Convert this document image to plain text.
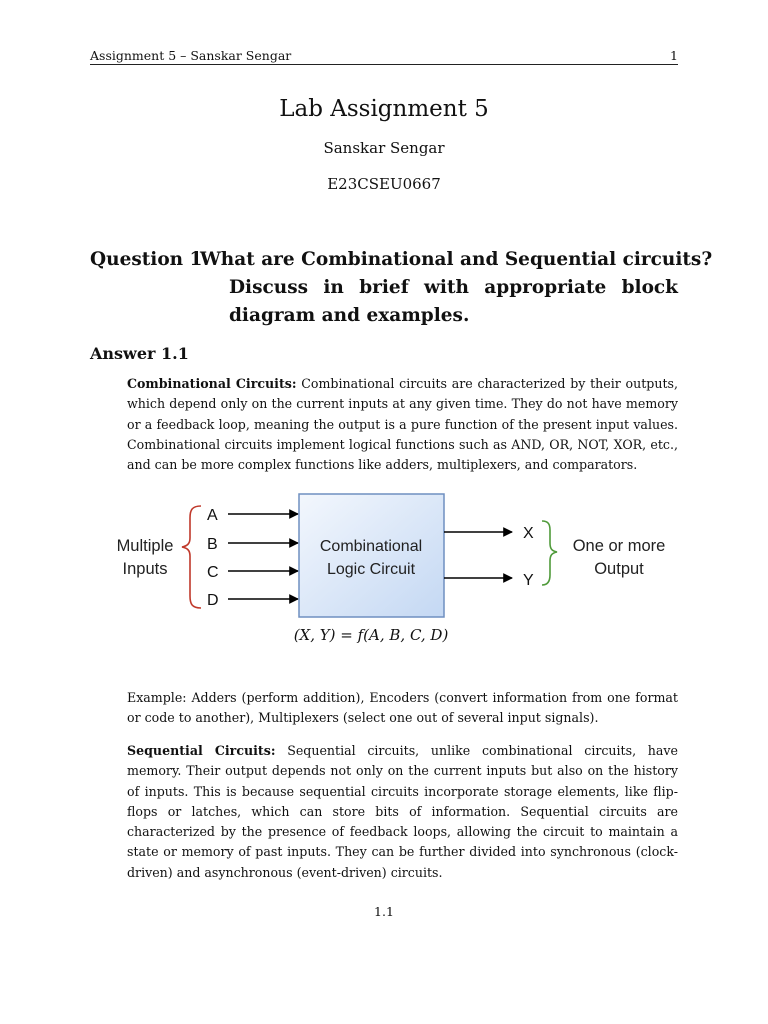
Assignment 5 – Sanskar Sengar	1
Lab Assignment 5
Sanskar Sengar
E23CSEU0667
Question 1
What are Combinational and Sequential circuits?
Discuss in brief with appropriate block diagram and examples.
Answer 1.1

Combinational Circuits: Combinational circuits are characterized by their outputs, which depend only on the current inputs at any given time. They do not have memory or a feedback loop, meaning the output is a pure function of the present input values. Combinational circuits implement logical functions such as AND, OR, NOT, XOR, etc., and can be more complex functions like adders, multiplexers, and comparators.

Multiple
Inputs
A
B
C
D
Combinational
Logic Circuit
X
Y
One or more
Output
(X, Y) = f(A, B, C, D)

Example: Adders (perform addition), Encoders (convert information from one format or code to another), Multiplexers (select one out of several input signals).

Sequential Circuits: Sequential circuits, unlike combinational circuits, have memory. Their output depends not only on the current inputs but also on the history of inputs. This is because sequential circuits incorporate storage elements, like flip-flops or latches, which can store bits of information. Sequential circuits are characterized by the presence of feedback loops, allowing the circuit to maintain a state or memory of past inputs. They can be further divided into synchronous (clock-driven) and asynchronous (event-driven) circuits.

1.1
